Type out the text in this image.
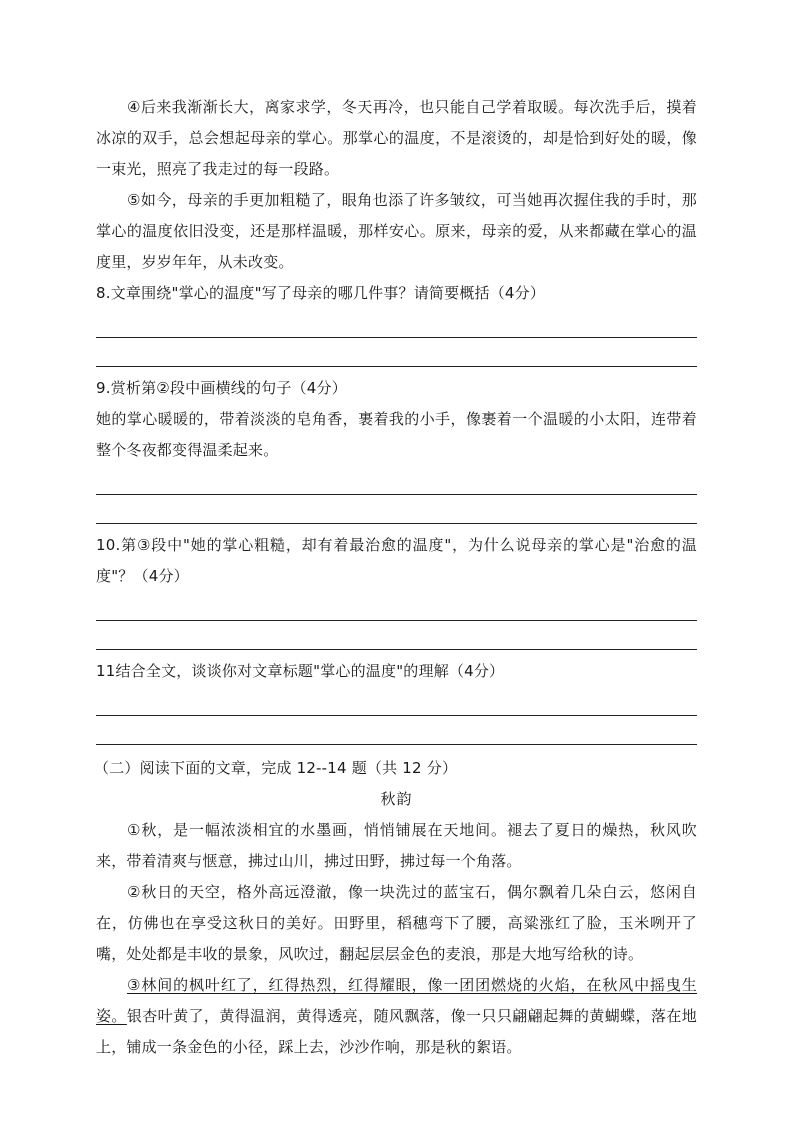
④后来我渐渐长大，离家求学，冬天再冷，也只能自己学着取暖。每次洗手后，摸着冰凉的双手，总会想起母亲的掌心。那掌心的温度，不是滚烫的，却是恰到好处的暖，像一束光，照亮了我走过的每一段路。

⑤如今，母亲的手更加粗糙了，眼角也添了许多皱纹，可当她再次握住我的手时，那掌心的温度依旧没变，还是那样温暖，那样安心。原来，母亲的爱，从来都藏在掌心的温度里，岁岁年年，从未改变。

8.文章围绕"掌心的温度"写了母亲的哪几件事？请简要概括（4分）

9.赏析第②段中画横线的句子（4分）

她的掌心暖暖的，带着淡淡的皂角香，裹着我的小手，像裹着一个温暖的小太阳，连带着整个冬夜都变得温柔起来。

10.第③段中"她的掌心粗糙，却有着最治愈的温度"，为什么说母亲的掌心是"治愈的温度"？（4分）

11结合全文，谈谈你对文章标题"掌心的温度"的理解（4分）

（二）阅读下面的文章，完成 12--14 题（共 12 分）

秋韵

①秋，是一幅浓淡相宜的水墨画，悄悄铺展在天地间。褪去了夏日的燥热，秋风吹来，带着清爽与惬意，拂过山川，拂过田野，拂过每一个角落。

②秋日的天空，格外高远澄澈，像一块洗过的蓝宝石，偶尔飘着几朵白云，悠闲自在，仿佛也在享受这秋日的美好。田野里，稻穗弯下了腰，高粱涨红了脸，玉米咧开了嘴，处处都是丰收的景象，风吹过，翻起层层金色的麦浪，那是大地写给秋的诗。

③林间的枫叶红了，红得热烈，红得耀眼，像一团团燃烧的火焰，在秋风中摇曳生姿。银杏叶黄了，黄得温润，黄得透亮，随风飘落，像一只只翩翩起舞的黄蝴蝶，落在地上，铺成一条金色的小径，踩上去，沙沙作响，那是秋的絮语。
